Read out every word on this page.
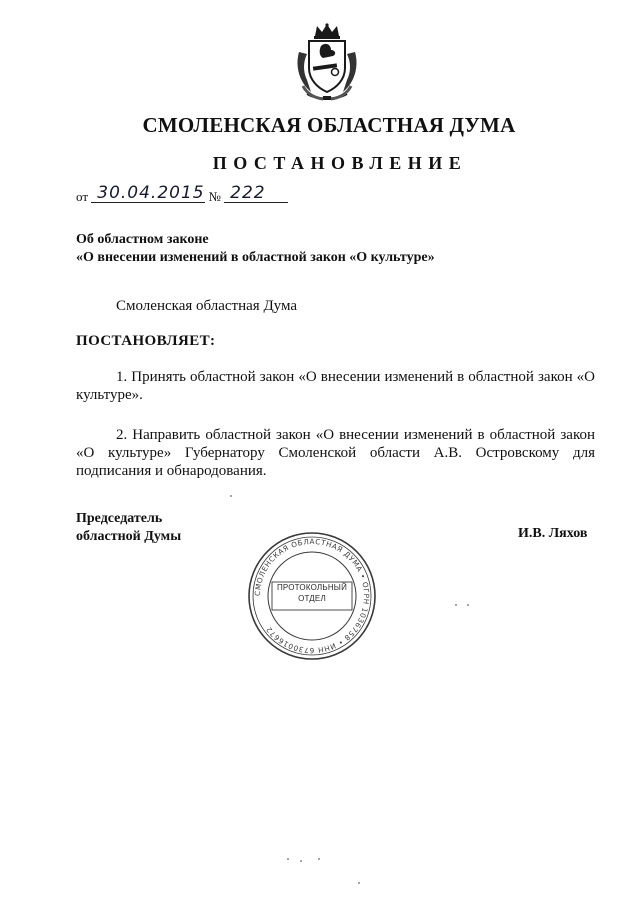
СМОЛЕНСКАЯ ОБЛАСТНАЯ ДУМА
ПОСТАНОВЛЕНИЕ
от 30.04.2015 № 222
Об областном законе
«О внесении изменений в областной закон «О культуре»
Смоленская областная Дума
ПОСТАНОВЛЯЕТ:
1. Принять областной закон «О внесении изменений в областной закон «О культуре».
2. Направить областной закон «О внесении изменений в областной закон «О культуре» Губернатору Смоленской области А.В. Островскому для подписания и обнародования.
Председатель
областной Думы	И.В. Ляхов
СМОЛЕНСКАЯ ОБЛАСТНАЯ ДУМА • ОГРН 1036758 • ИНН 6730016672
ПРОТОКОЛЬНЫЙ
ОТДЕЛ
